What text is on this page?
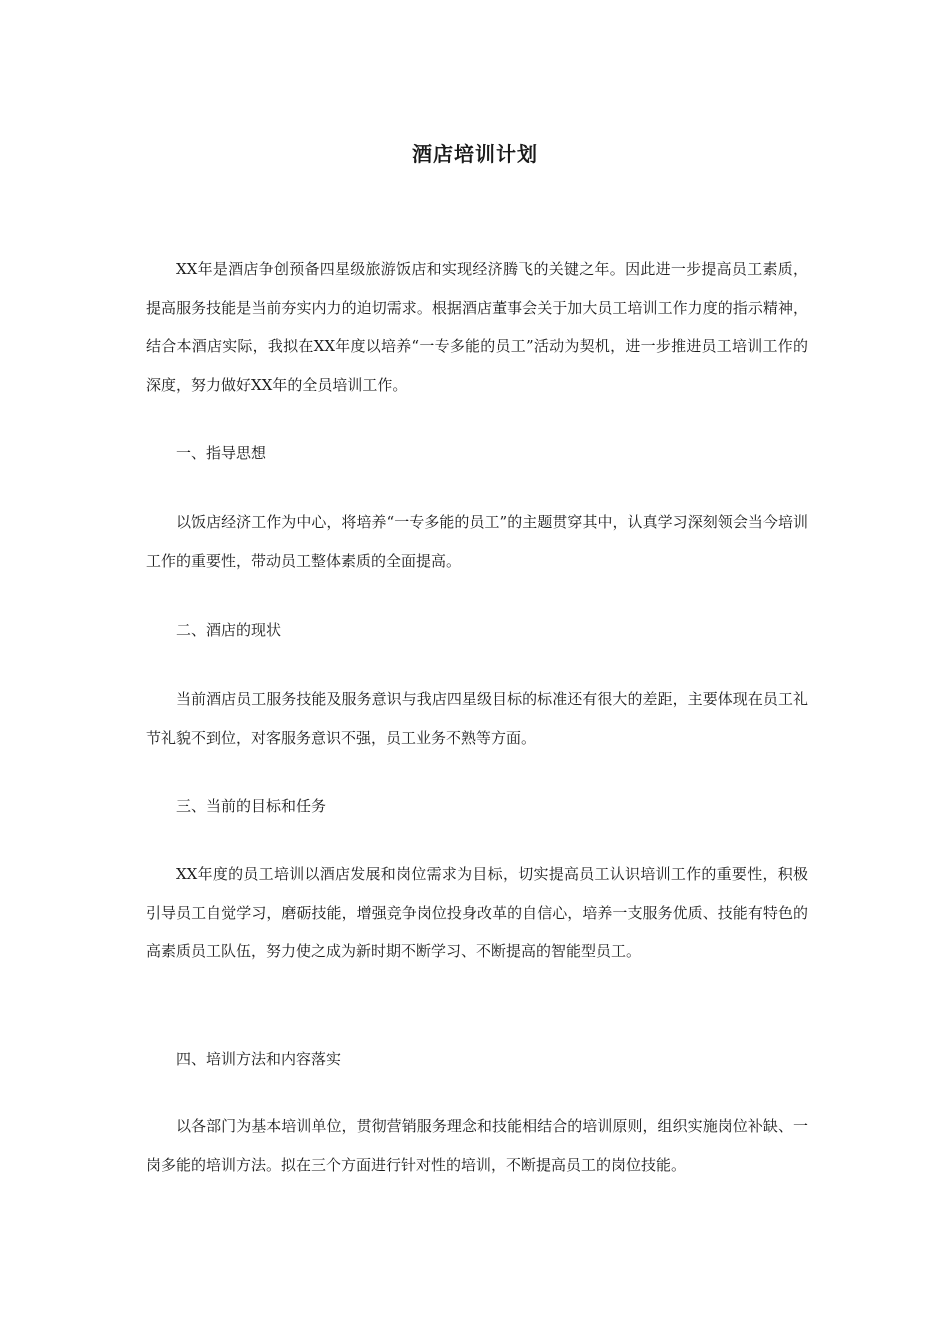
酒店培训计划
XX年是酒店争创预备四星级旅游饭店和实现经济腾飞的关键之年。因此进一步提高员工素质，提高服务技能是当前夯实内力的迫切需求。根据酒店董事会关于加大员工培训工作力度的指示精神，结合本酒店实际，我拟在XX年度以培养“一专多能的员工”活动为契机，进一步推进员工培训工作的深度，努力做好XX年的全员培训工作。
一、指导思想
以饭店经济工作为中心，将培养“一专多能的员工”的主题贯穿其中，认真学习深刻领会当今培训工作的重要性，带动员工整体素质的全面提高。
二、酒店的现状
当前酒店员工服务技能及服务意识与我店四星级目标的标准还有很大的差距，主要体现在员工礼节礼貌不到位，对客服务意识不强，员工业务不熟等方面。
三、当前的目标和任务
XX年度的员工培训以酒店发展和岗位需求为目标，切实提高员工认识培训工作的重要性，积极引导员工自觉学习，磨砺技能，增强竞争岗位投身改革的自信心，培养一支服务优质、技能有特色的高素质员工队伍，努力使之成为新时期不断学习、不断提高的智能型员工。
四、培训方法和内容落实
以各部门为基本培训单位，贯彻营销服务理念和技能相结合的培训原则，组织实施岗位补缺、一岗多能的培训方法。拟在三个方面进行针对性的培训，不断提高员工的岗位技能。
